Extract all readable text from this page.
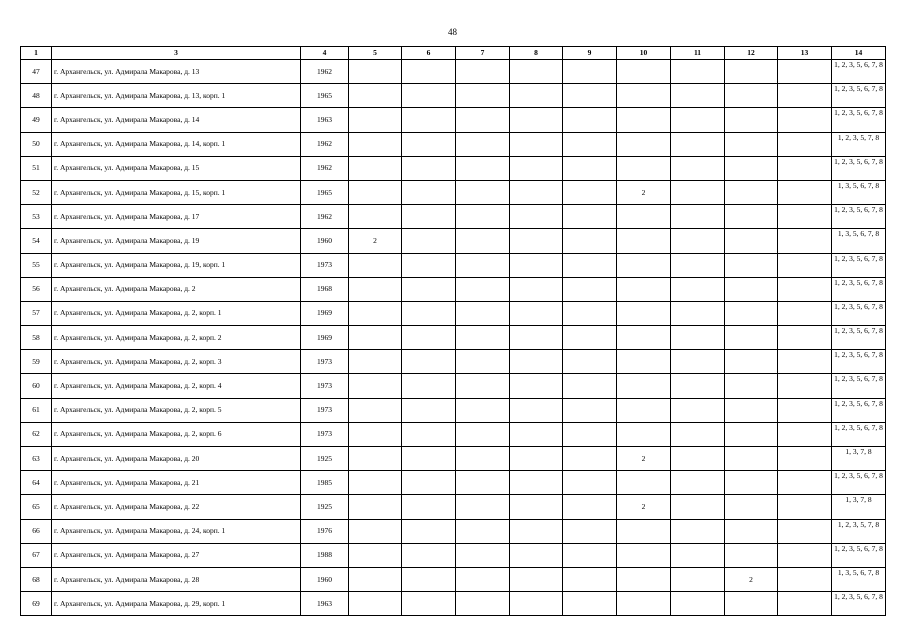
48
1	3	4	5	6	7	8	9	10	11	12	13	14
47	г. Архангельск, ул. Адмирала Макарова, д. 13	1962										1, 2, 3, 5, 6, 7, 8
48	г. Архангельск, ул. Адмирала Макарова, д. 13, корп. 1	1965										1, 2, 3, 5, 6, 7, 8
49	г. Архангельск, ул. Адмирала Макарова, д. 14	1963										1, 2, 3, 5, 6, 7, 8
50	г. Архангельск, ул. Адмирала Макарова, д. 14, корп. 1	1962										1, 2, 3, 5, 7, 8
51	г. Архангельск, ул. Адмирала Макарова, д. 15	1962										1, 2, 3, 5, 6, 7, 8
52	г. Архангельск, ул. Адмирала Макарова, д. 15, корп. 1	1965						2				1, 3, 5, 6, 7, 8
53	г. Архангельск, ул. Адмирала Макарова, д. 17	1962										1, 2, 3, 5, 6, 7, 8
54	г. Архангельск, ул. Адмирала Макарова, д. 19	1960	2									1, 3, 5, 6, 7, 8
55	г. Архангельск, ул. Адмирала Макарова, д. 19, корп. 1	1973										1, 2, 3, 5, 6, 7, 8
56	г. Архангельск, ул. Адмирала Макарова, д. 2	1968										1, 2, 3, 5, 6, 7, 8
57	г. Архангельск, ул. Адмирала Макарова, д. 2, корп. 1	1969										1, 2, 3, 5, 6, 7, 8
58	г. Архангельск, ул. Адмирала Макарова, д. 2, корп. 2	1969										1, 2, 3, 5, 6, 7, 8
59	г. Архангельск, ул. Адмирала Макарова, д. 2, корп. 3	1973										1, 2, 3, 5, 6, 7, 8
60	г. Архангельск, ул. Адмирала Макарова, д. 2, корп. 4	1973										1, 2, 3, 5, 6, 7, 8
61	г. Архангельск, ул. Адмирала Макарова, д. 2, корп. 5	1973										1, 2, 3, 5, 6, 7, 8
62	г. Архангельск, ул. Адмирала Макарова, д. 2, корп. 6	1973										1, 2, 3, 5, 6, 7, 8
63	г. Архангельск, ул. Адмирала Макарова, д. 20	1925						2				1, 3, 7, 8
64	г. Архангельск, ул. Адмирала Макарова, д. 21	1985										1, 2, 3, 5, 6, 7, 8
65	г. Архангельск, ул. Адмирала Макарова, д. 22	1925						2				1, 3, 7, 8
66	г. Архангельск, ул. Адмирала Макарова, д. 24, корп. 1	1976										1, 2, 3, 5, 7, 8
67	г. Архангельск, ул. Адмирала Макарова, д. 27	1988										1, 2, 3, 5, 6, 7, 8
68	г. Архангельск, ул. Адмирала Макарова, д. 28	1960								2		1, 3, 5, 6, 7, 8
69	г. Архангельск, ул. Адмирала Макарова, д. 29, корп. 1	1963										1, 2, 3, 5, 6, 7, 8
